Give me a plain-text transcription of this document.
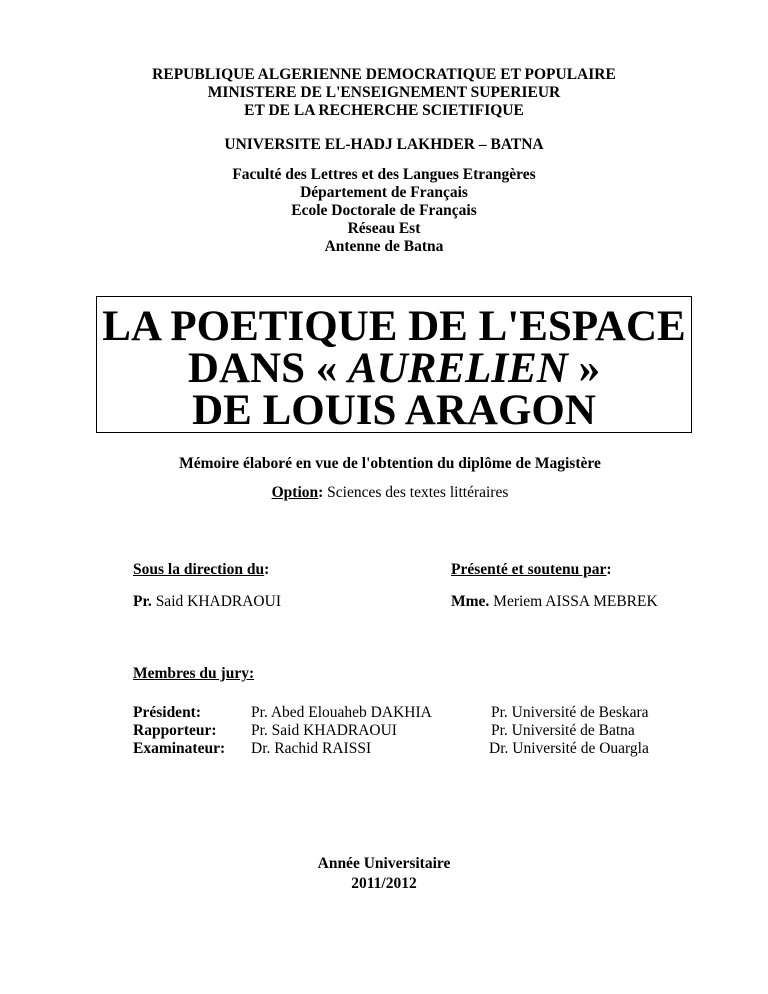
REPUBLIQUE ALGERIENNE DEMOCRATIQUE ET POPULAIRE
MINISTERE DE L'ENSEIGNEMENT SUPERIEUR
ET DE LA RECHERCHE SCIETIFIQUE
UNIVERSITE EL-HADJ LAKHDER – BATNA
Faculté des Lettres et des Langues Etrangères
Département de Français
Ecole Doctorale de Français
Réseau Est
Antenne de Batna
LA POETIQUE DE L'ESPACE
DANS « AURELIEN »
DE LOUIS ARAGON
Mémoire élaboré en vue de l'obtention du diplôme de Magistère
Option: Sciences des textes littéraires
Sous la direction du:	Présenté et soutenu par:
Pr. Said KHADRAOUI	Mme. Meriem AISSA MEBREK
Membres du jury:
Président:	Pr. Abed Elouaheb DAKHIA	Pr. Université de Beskara
Rapporteur: Pr. Said KHADRAOUI	Pr. Université de Batna
Examinateur: Dr. Rachid RAISSI	Dr. Université de Ouargla
Année Universitaire
2011/2012
